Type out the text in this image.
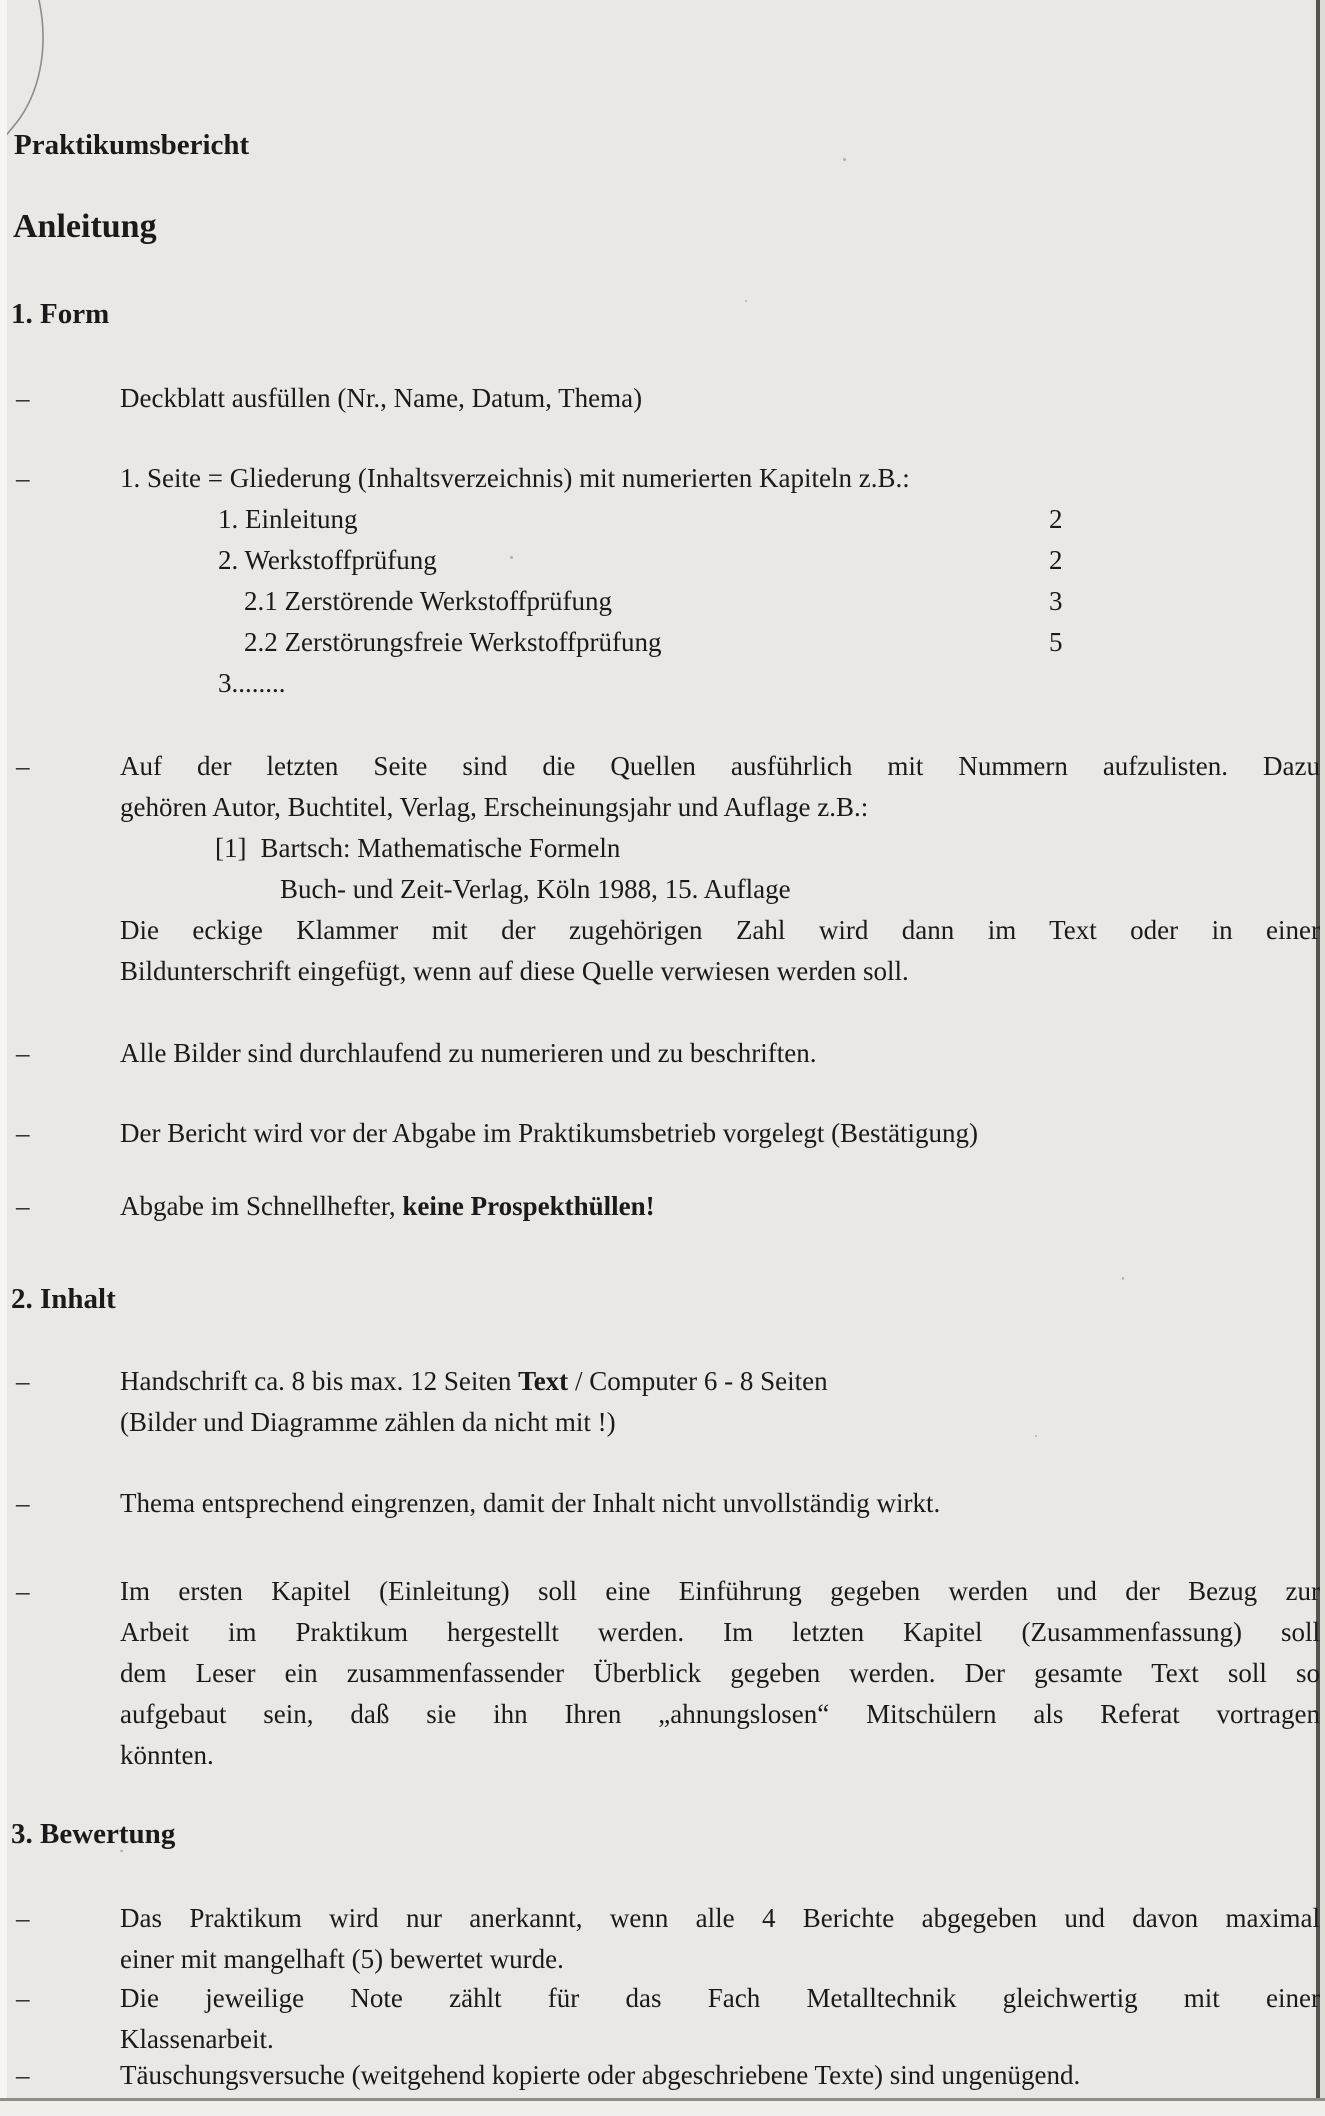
Praktikumsbericht
Anleitung
1. Form
–	Deckblatt ausfüllen (Nr., Name, Datum, Thema)
–	1. Seite = Gliederung (Inhaltsverzeichnis) mit numerierten Kapiteln z.B.:
1. Einleitung	2
2. Werkstoffprüfung	2
2.1 Zerstörende Werkstoffprüfung	3
2.2 Zerstörungsfreie Werkstoffprüfung	5
3........
–	Auf der letzten Seite sind die Quellen ausführlich mit Nummern aufzulisten. Dazu
gehören Autor, Buchtitel, Verlag, Erscheinungsjahr und Auflage z.B.:
[1] Bartsch: Mathematische Formeln
Buch- und Zeit-Verlag, Köln 1988, 15. Auflage
Die eckige Klammer mit der zugehörigen Zahl wird dann im Text oder in einer
Bildunterschrift eingefügt, wenn auf diese Quelle verwiesen werden soll.
–	Alle Bilder sind durchlaufend zu numerieren und zu beschriften.
–	Der Bericht wird vor der Abgabe im Praktikumsbetrieb vorgelegt (Bestätigung)
–	Abgabe im Schnellhefter, keine Prospekthüllen!
2. Inhalt
–	Handschrift ca. 8 bis max. 12 Seiten Text / Computer 6 - 8 Seiten
(Bilder und Diagramme zählen da nicht mit !)
–	Thema entsprechend eingrenzen, damit der Inhalt nicht unvollständig wirkt.
–	Im ersten Kapitel (Einleitung) soll eine Einführung gegeben werden und der Bezug zur
Arbeit im Praktikum hergestellt werden. Im letzten Kapitel (Zusammenfassung) soll
dem Leser ein zusammenfassender Überblick gegeben werden. Der gesamte Text soll so
aufgebaut sein, daß sie ihn Ihren „ahnungslosen“ Mitschülern als Referat vortragen
könnten.
3. Bewertung
–	Das Praktikum wird nur anerkannt, wenn alle 4 Berichte abgegeben und davon maximal
einer mit mangelhaft (5) bewertet wurde.
–	Die jeweilige Note zählt für das Fach Metalltechnik gleichwertig mit einer
Klassenarbeit.
–	Täuschungsversuche (weitgehend kopierte oder abgeschriebene Texte) sind ungenügend.
